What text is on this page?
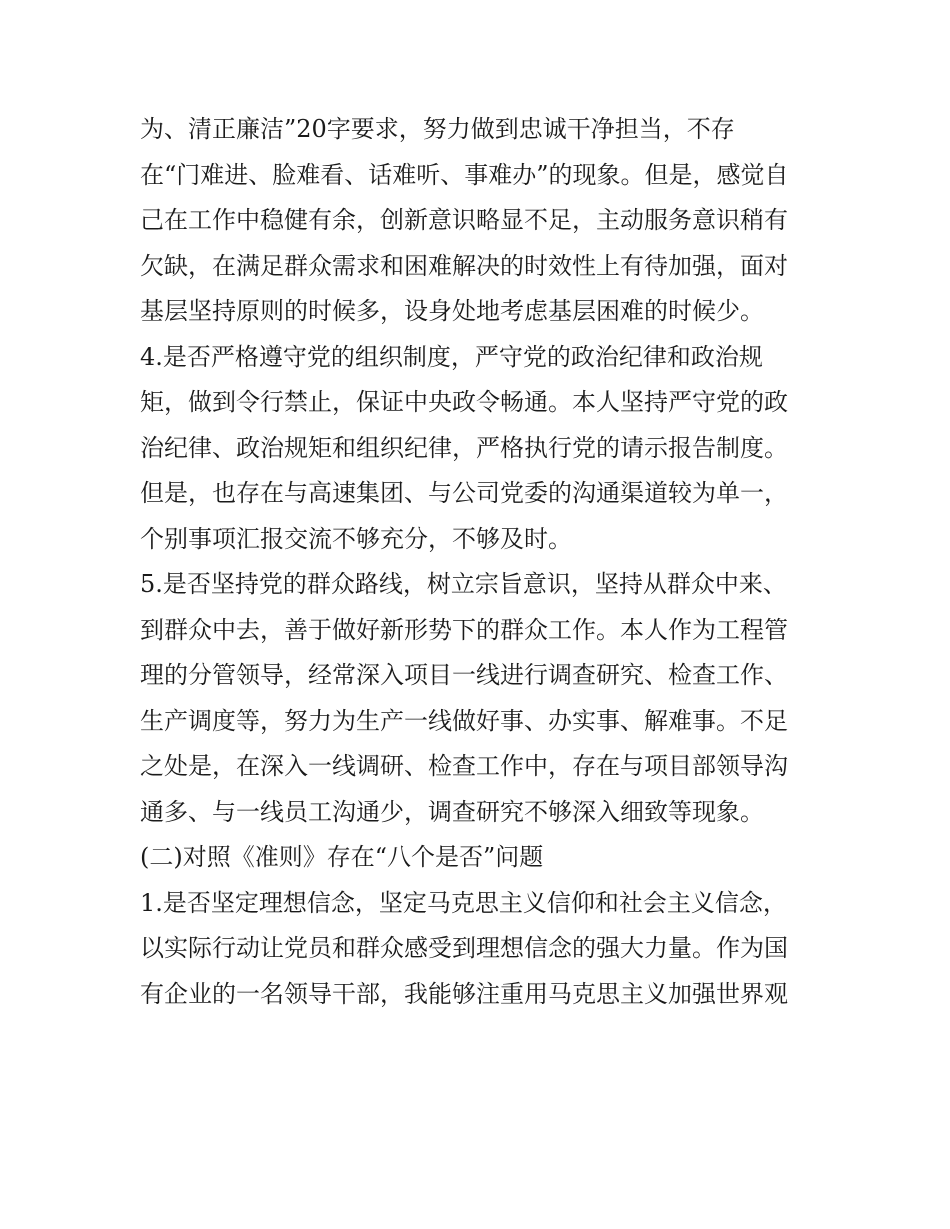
为、清正廉洁”20字要求，努力做到忠诚干净担当，不存
在“门难进、脸难看、话难听、事难办”的现象。但是，感觉自
己在工作中稳健有余，创新意识略显不足，主动服务意识稍有
欠缺，在满足群众需求和困难解决的时效性上有待加强，面对
基层坚持原则的时候多，设身处地考虑基层困难的时候少。
4.是否严格遵守党的组织制度，严守党的政治纪律和政治规
矩，做到令行禁止，保证中央政令畅通。本人坚持严守党的政
治纪律、政治规矩和组织纪律，严格执行党的请示报告制度。
但是，也存在与高速集团、与公司党委的沟通渠道较为单一，
个别事项汇报交流不够充分，不够及时。
5.是否坚持党的群众路线，树立宗旨意识，坚持从群众中来、
到群众中去，善于做好新形势下的群众工作。本人作为工程管
理的分管领导，经常深入项目一线进行调查研究、检查工作、
生产调度等，努力为生产一线做好事、办实事、解难事。不足
之处是，在深入一线调研、检查工作中，存在与项目部领导沟
通多、与一线员工沟通少，调查研究不够深入细致等现象。
(二)对照《准则》存在“八个是否”问题
1.是否坚定理想信念，坚定马克思主义信仰和社会主义信念，
以实际行动让党员和群众感受到理想信念的强大力量。作为国
有企业的一名领导干部，我能够注重用马克思主义加强世界观
